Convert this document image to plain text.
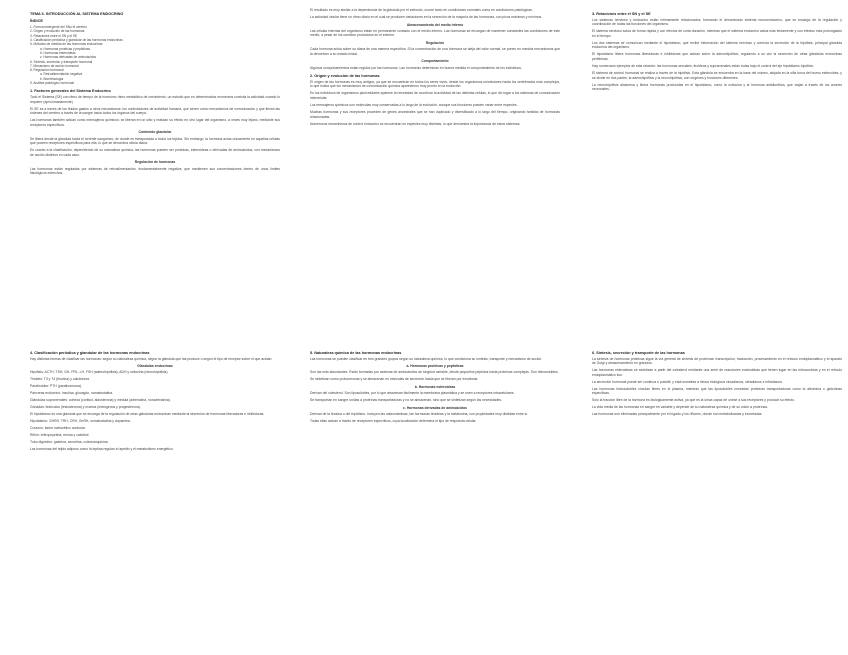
TEMA 6. INTRODUCCIÓN AL SISTEMA ENDOCRINO

ÍNDICE

1. Fuerza emergente del SNo el cerebro

2. Origen y evolución de las hormonas

3. Relaciones entre el SN y el SE

4. Clasificación periódica y glandular de las hormonas endocrinas

5. Métodos de medida de las hormonas endocrinas

a. Hormonas proteicas y peptídicas

b. Hormonas esteroideas

c. Hormonas derivadas de aminoácidos

6. Síntesis, secreción y transporte hormonal

7. Mecanismo de acción hormonal

8. Regulación hormonal

a. Retroalimentación negativa

b. Biorritmología

9. Análisis patológico hormonal

1. Factores generales del Sistema Endocrino

Todo el Sistema (SE) con ritmo de tiempo de la hormona: ritmo metabólico de crecimiento, un estudio que en determinados momentos controla la actividad cuando lo requiere (aproximadamente)

El SE es a través de los fluidos gastos a otros mecanismos: los controladores de actividad humana, que sirven como mecanismos de comunicación y que llevan las órdenes del cerebro a través de la sangre hacia todos los órganos del cuerpo.

Las hormonas también actúan como mensajeros químicos: se liberan en un sitio y realizan su efecto en otro lugar del organismo, a veces muy lejano, mediante sus receptores específicos.

Contenido glandular

Se libera desde la glándula hacia el torrente sanguíneo, de donde es transportada a todos los tejidos. Sin embargo, la hormona actúa únicamente en aquellas células que poseen receptores específicos para ella, lo que se denomina célula diana.

En cuanto a la clasificación, dependiendo de su naturaleza química, las hormonas pueden ser proteicas, esteroideas o derivadas de aminoácidos, con mecanismos de acción distintos en cada caso.

Regulación de hormonas

Las hormonas están reguladas por sistemas de retroalimentación, fundamentalmente negativa, que mantienen sus concentraciones dentro de unos límites fisiológicos estrechos.

El resultado es muy similar a la dependencia de la glándula por el estímulo, ocurre tanto en condiciones normales como en condiciones patológicas.

La actividad celular tiene un ritmo diario en el cual se producen variaciones en la secreción de la mayoría de las hormonas, con picos máximos y mínimos.

Almacenamiento del medio interno

Las células internas del organismo están en permanente contacto con el medio interno. Las hormonas se encargan de mantener constantes las condiciones de este medio, a pesar de los cambios producidos en el exterior.

Regulación

Cada hormona actúa sobre su diana de una manera específica. Si la concentración de una hormona se aleja del valor normal, se ponen en marcha mecanismos que la devuelven a su estado inicial.

Comportamiento

Algunos comportamientos están regidos por las hormonas. Las hormonas determinan en buena medida el comportamiento de los individuos.

2. Origen y evolución de las hormonas

El origen de las hormonas es muy antiguo, ya que se encuentran en todos los seres vivos, desde los organismos unicelulares hasta los vertebrados más complejos, lo que indica que los mecanismos de comunicación química aparecieron muy pronto en la evolución.

En los individuos de organismos pluricelulares aparece la necesidad de coordinar la actividad de las distintas células, lo que dio lugar a los sistemas de comunicación intercelular.

Los mensajeros químicos son moléculas muy conservadas a lo largo de la evolución, aunque sus funciones pueden variar entre especies.

Muchas hormonas y sus receptores proceden de genes ancestrales que se han duplicado y diversificado a lo largo del tiempo, originando familias de hormonas relacionadas.

Numerosos mecanismos de control endocrino se encuentran en especies muy distintas, lo que demuestra la importancia de estos sistemas.

3. Relaciones entre el SN y el SE

Los sistemas nervioso y endocrino están íntimamente relacionados, formando el denominado sistema neuroendocrino, que se encarga de la regulación y coordinación de todas las funciones del organismo.

El sistema nervioso actúa de forma rápida y con efectos de corta duración, mientras que el sistema endocrino actúa más lentamente y con efectos más prolongados en el tiempo.

Los dos sistemas se comunican mediante el hipotálamo, que recibe información del sistema nervioso y controla la secreción de la hipófisis, principal glándula endocrina del organismo.

El hipotálamo libera hormonas liberadoras e inhibidoras que actúan sobre la adenohipófisis, regulando a su vez la secreción de otras glándulas endocrinas periféricas.

Hay numerosos ejemplos de esta relación: las hormonas sexuales, tiroideas y suprarrenales están todas bajo el control del eje hipotálamo-hipófisis.

El sistema de control hormonal se realiza a través de la hipófisis. Esta glándula se encuentra en la base del cráneo, alojada en la silla turca del hueso esfenoides, y se divide en dos partes: la adenohipófisis y la neurohipófisis, con orígenes y funciones diferentes.

La neurohipófisis almacena y libera hormonas producidas en el hipotálamo, como la oxitocina y la hormona antidiurética, que viajan a través de los axones neuronales.

4. Clasificación periódica y glandular de las hormonas endocrinas

Hay distintas formas de clasificar las hormonas: según su naturaleza química, según la glándula que las produce o según el tipo de receptor sobre el que actúan.

Glándulas endocrinas

Hipófisis: ACTH, TSH, GH, PRL, LH, FSH (adenohipófisis); ADH y oxitocina (neurohipófisis).

Tiroides: T3 y T4 (tiroxina) y calcitonina.

Paratiroides: PTH (parathormona).

Páncreas endocrino: insulina, glucagón, somatostatina.

Glándulas suprarrenales: corteza (cortisol, aldosterona) y médula (adrenalina, noradrenalina).

Gónadas: testículos (testosterona) y ovarios (estrógenos y progesterona).

El hipotálamo es una glándula que se encarga de la regulación de otras glándulas endocrinas mediante la secreción de hormonas liberadoras e inhibidoras.

Hipotálamo: GHRH, TRH, CRH, GnRH, somatostatina y dopamina.

Corazón: factor natriurético auricular.

Riñón: eritropoyetina, renina y calcitriol.

Tubo digestivo: gastrina, secretina, colecistoquinina.

Las hormonas del tejido adiposo como la leptina regulan el apetito y el metabolismo energético.

5. Naturaleza química de las hormonas endocrinas

Las hormonas se pueden clasificar en tres grandes grupos según su naturaleza química, lo que condiciona su síntesis, transporte y mecanismo de acción.

a. Hormonas proteicas y peptídicas

Son las más abundantes. Están formadas por cadenas de aminoácidos de longitud variable, desde pequeños péptidos hasta proteínas complejas. Son hidrosolubles.

Se sintetizan como prohormonas y se almacenan en vesículas de secreción hasta que se liberan por exocitosis.

b. Hormonas esteroideas

Derivan del colesterol. Son liposolubles, por lo que atraviesan fácilmente la membrana plasmática y se unen a receptores intracelulares.

Se transportan en sangre unidas a proteínas transportadoras y no se almacenan, sino que se sintetizan según las necesidades.

c. Hormonas derivadas de aminoácidos

Derivan de la tirosina o del triptófano. Incluyen las catecolaminas, las hormonas tiroideas y la melatonina, con propiedades muy distintas entre sí.

Todas ellas actúan a través de receptores específicos, cuya localización determina el tipo de respuesta celular.

6. Síntesis, secreción y transporte de las hormonas

La síntesis de hormonas proteicas sigue la vía general de síntesis de proteínas: transcripción, traducción, procesamiento en el retículo endoplasmático y el aparato de Golgi y almacenamiento en gránulos.

Las hormonas esteroideas se sintetizan a partir del colesterol mediante una serie de reacciones enzimáticas que tienen lugar en las mitocondrias y en el retículo endoplasmático liso.

La secreción hormonal puede ser continua o pulsátil, y está sometida a ritmos biológicos circadianos, ultradianos e infradianos.

Las hormonas hidrosolubles circulan libres en el plasma, mientras que las liposolubles necesitan proteínas transportadoras como la albúmina o globulinas específicas.

Solo la fracción libre de la hormona es biológicamente activa, ya que es la única capaz de unirse a sus receptores y producir su efecto.

La vida media de las hormonas en sangre es variable y depende de su naturaleza química y de su unión a proteínas.

Las hormonas son eliminadas principalmente por el hígado y los riñones, donde son metabolizadas y excretadas.
